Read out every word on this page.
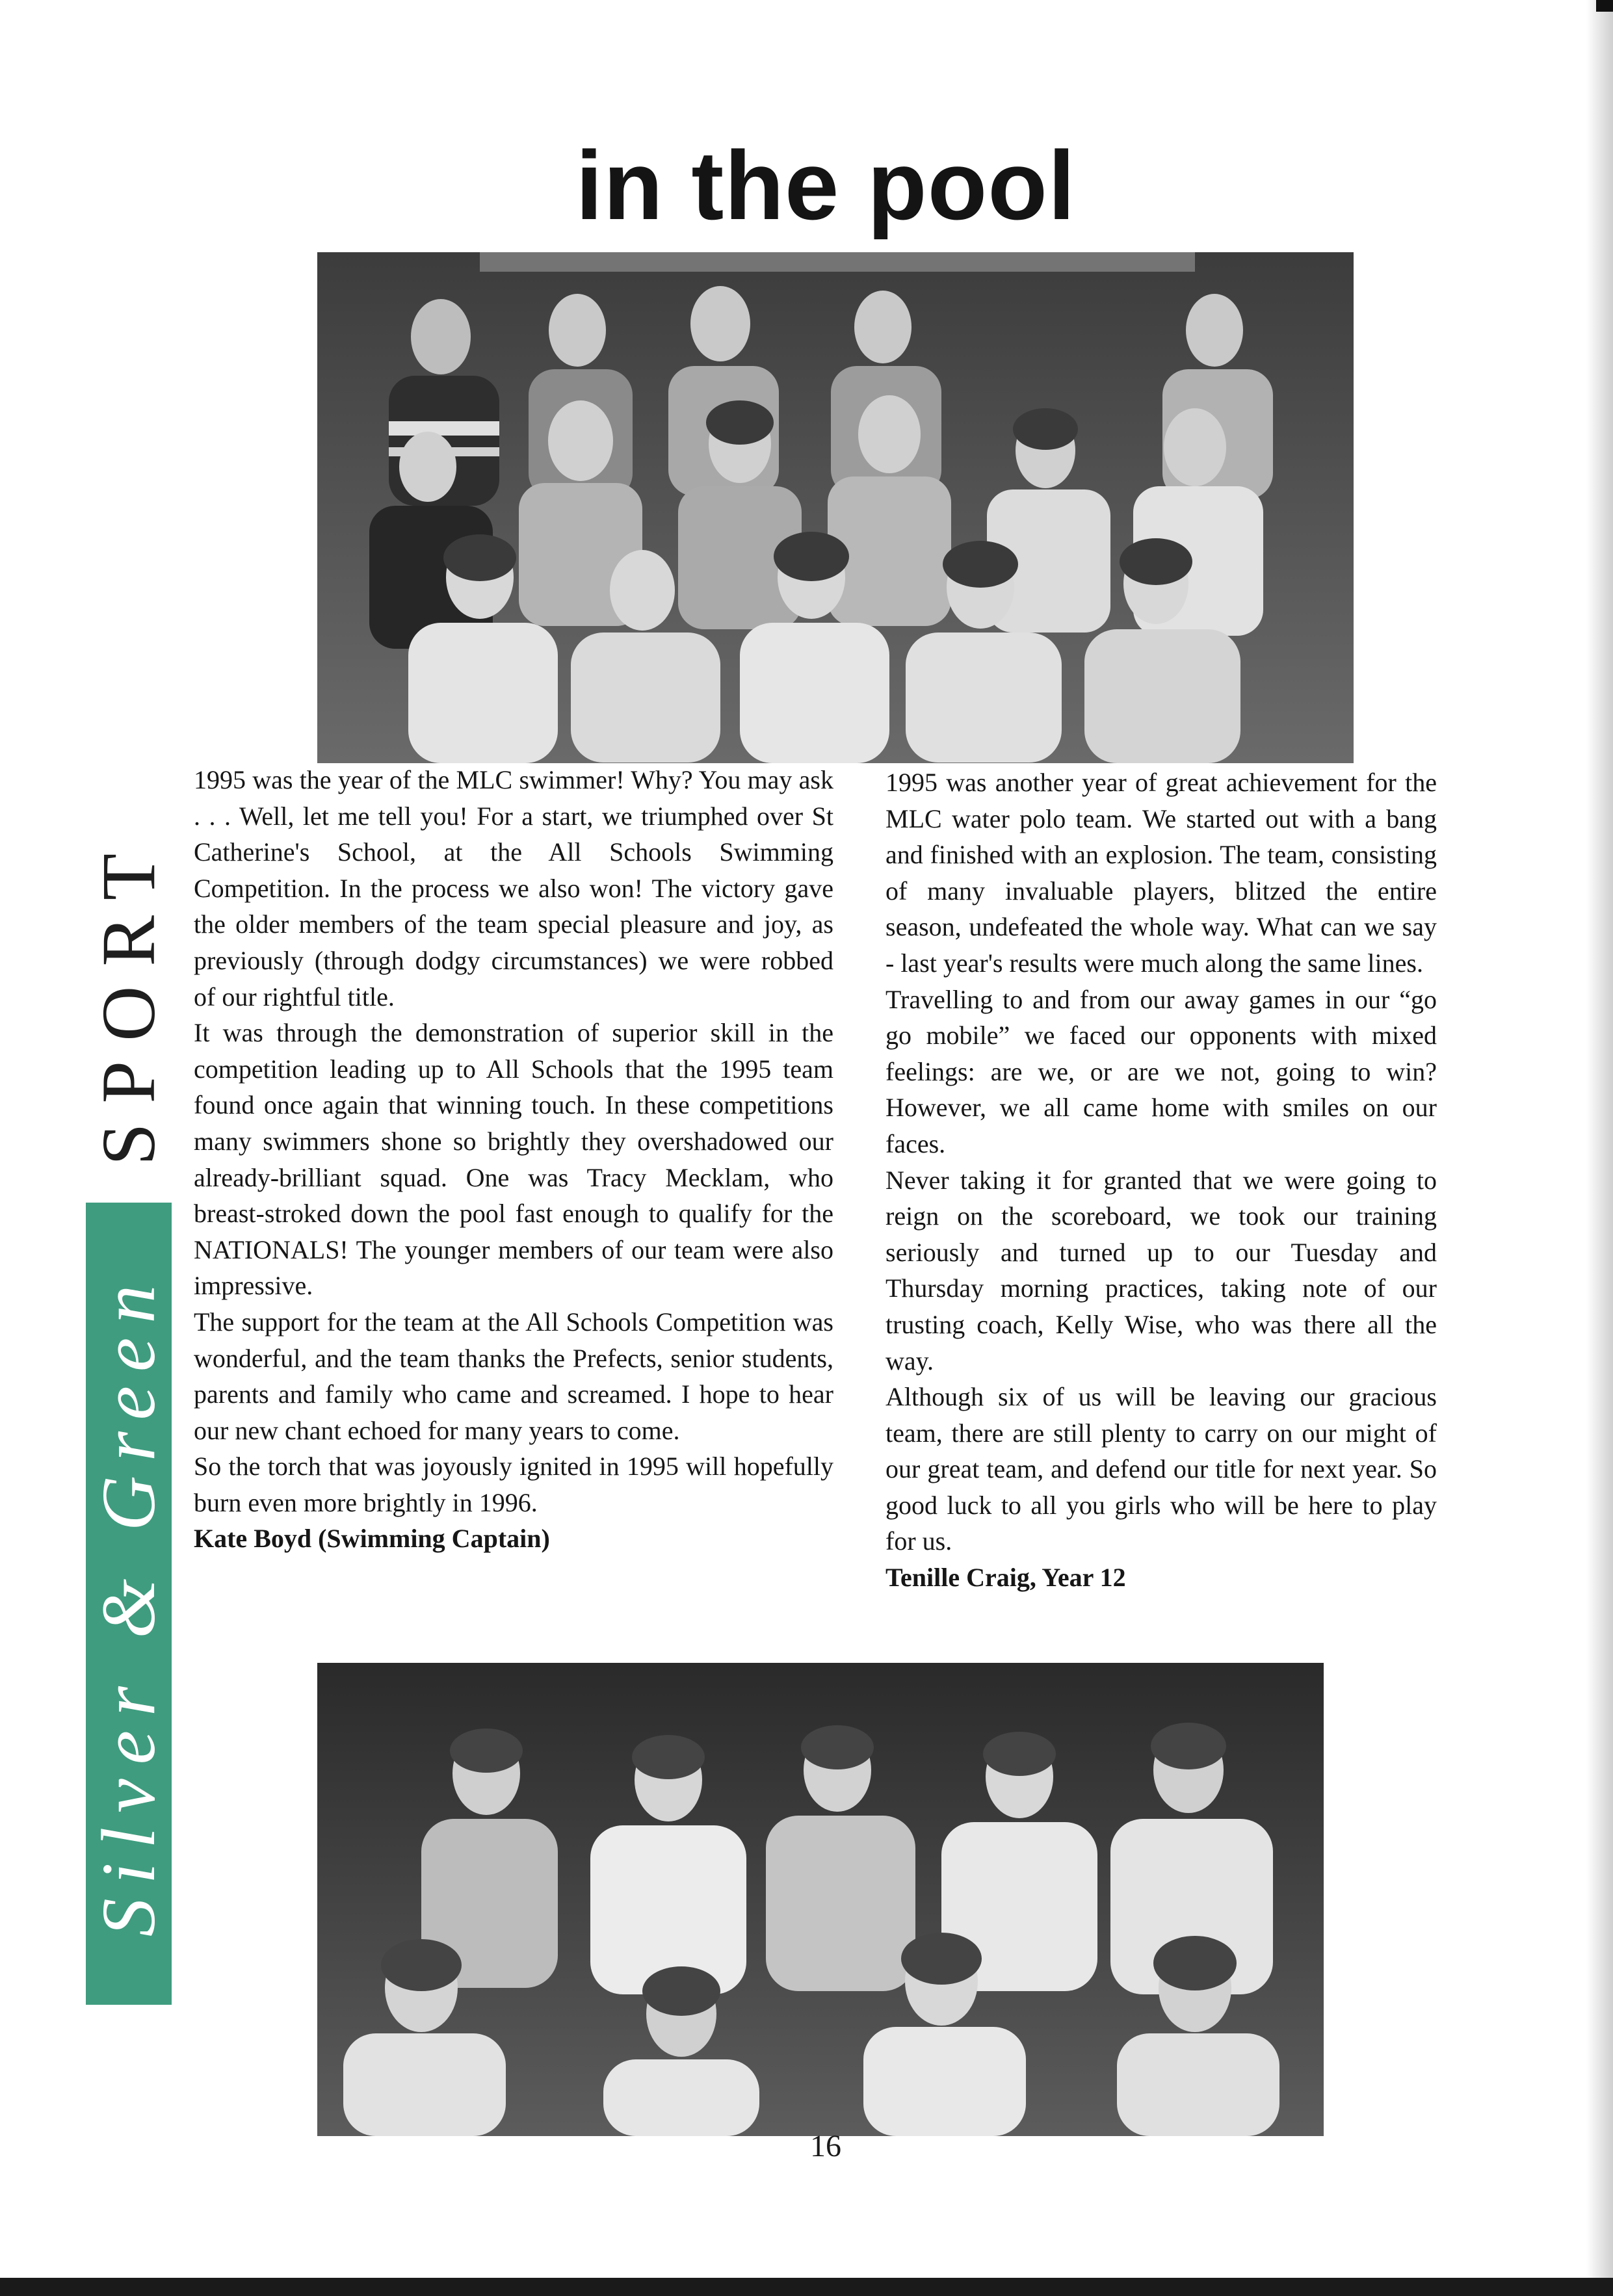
in the pool
SPORT
Silver & Green

1995 was the year of the MLC swimmer! Why? You may ask . . . Well, let me tell you! For a start, we triumphed over St Catherine's School, at the All Schools Swimming Competition. In the process we also won! The victory gave the older members of the team special pleasure and joy, as previously (through dodgy circumstances) we were robbed of our rightful title.

It was through the demonstration of superior skill in the competition leading up to All Schools that the 1995 team found once again that winning touch. In these competitions many swimmers shone so brightly they overshadowed our already-brilliant squad. One was Tracy Mecklam, who breast-stroked down the pool fast enough to qualify for the NATIONALS! The younger members of our team were also impressive.

The support for the team at the All Schools Competition was wonderful, and the team thanks the Prefects, senior students, parents and family who came and screamed. I hope to hear our new chant echoed for many years to come.

So the torch that was joyously ignited in 1995 will hopefully burn even more brightly in 1996.

Kate Boyd (Swimming Captain)

1995 was another year of great achievement for the MLC water polo team. We started out with a bang and finished with an explosion. The team, consisting of many invaluable players, blitzed the entire season, undefeated the whole way. What can we say - last year's results were much along the same lines.

Travelling to and from our away games in our “go go mobile” we faced our opponents with mixed feelings: are we, or are we not, going to win? However, we all came home with smiles on our faces.

Never taking it for granted that we were going to reign on the scoreboard, we took our training seriously and turned up to our Tuesday and Thursday morning practices, taking note of our trusting coach, Kelly Wise, who was there all the way.

Although six of us will be leaving our gracious team, there are still plenty to carry on our might of our great team, and defend our title for next year. So good luck to all you girls who will be here to play for us.

Tenille Craig, Year 12

16
